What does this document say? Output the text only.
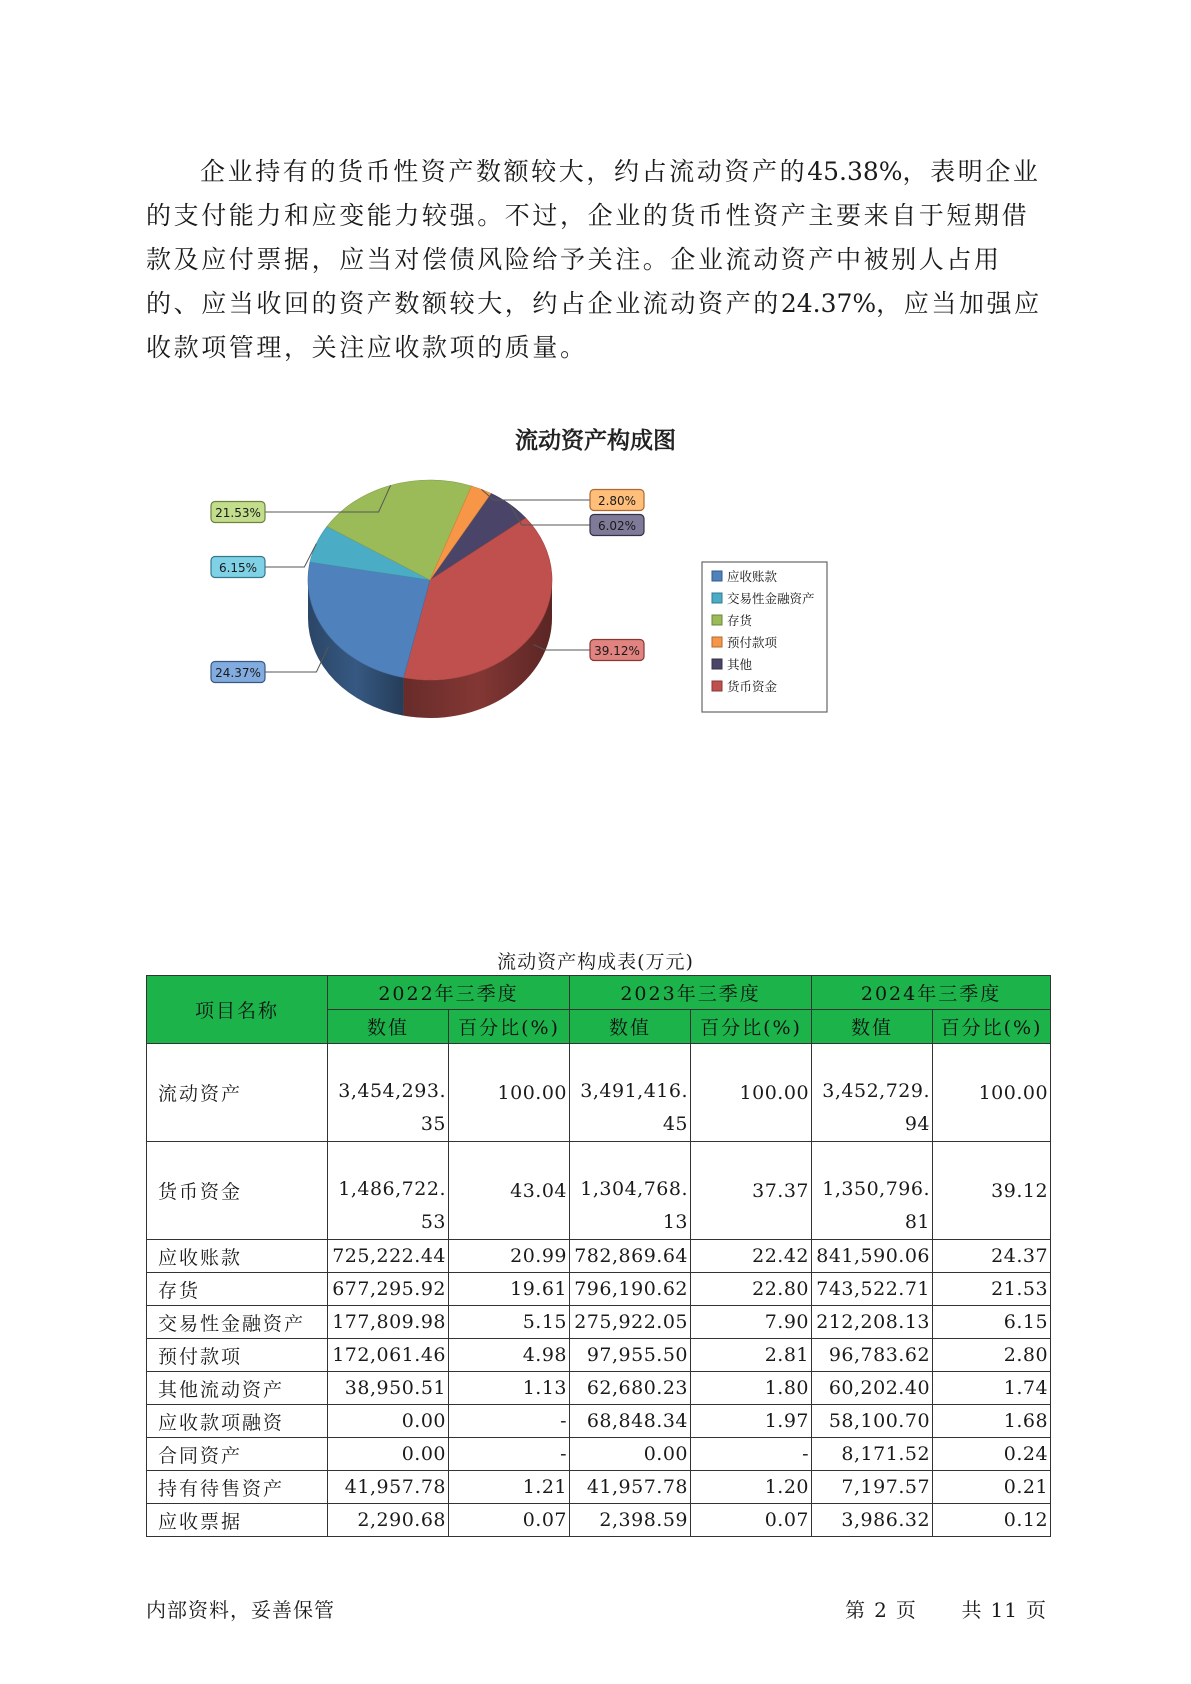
企业持有的货币性资产数额较大，约占流动资产的45.38%，表明企业的支付能力和应变能力较强。不过，企业的货币性资产主要来自于短期借款及应付票据，应当对偿债风险给予关注。企业流动资产中被别人占用的、应当收回的资产数额较大，约占企业流动资产的24.37%，应当加强应收款项管理，关注应收款项的质量。

流动资产构成图
6.02%
39.12%
24.37%
6.15%
21.53%
2.80%
应收账款
交易性金融资产
存货
预付款项
其他
货币资金
流动资产构成表(万元)
项目名称	2022年三季度		2023年三季度		2024年三季度	
	数值	百分比(%)	数值	百分比(%)	数值	百分比(%)
流动资产	3,454,293.35	100.00	3,491,416.45	100.00	3,452,729.94	100.00
货币资金	1,486,722.53	43.04	1,304,768.13	37.37	1,350,796.81	39.12
应收账款	725,222.44	20.99	782,869.64	22.42	841,590.06	24.37
存货	677,295.92	19.61	796,190.62	22.80	743,522.71	21.53
交易性金融资产	177,809.98	5.15	275,922.05	7.90	212,208.13	6.15
预付款项	172,061.46	4.98	97,955.50	2.81	96,783.62	2.80
其他流动资产	38,950.51	1.13	62,680.23	1.80	60,202.40	1.74
应收款项融资	0.00	-	68,848.34	1.97	58,100.70	1.68
合同资产	0.00	-	0.00	-	8,171.52	0.24
持有待售资产	41,957.78	1.21	41,957.78	1.20	7,197.57	0.21
应收票据	2,290.68	0.07	2,398.59	0.07	3,986.32	0.12
内部资料，妥善保管	第 2 页 共 11 页
